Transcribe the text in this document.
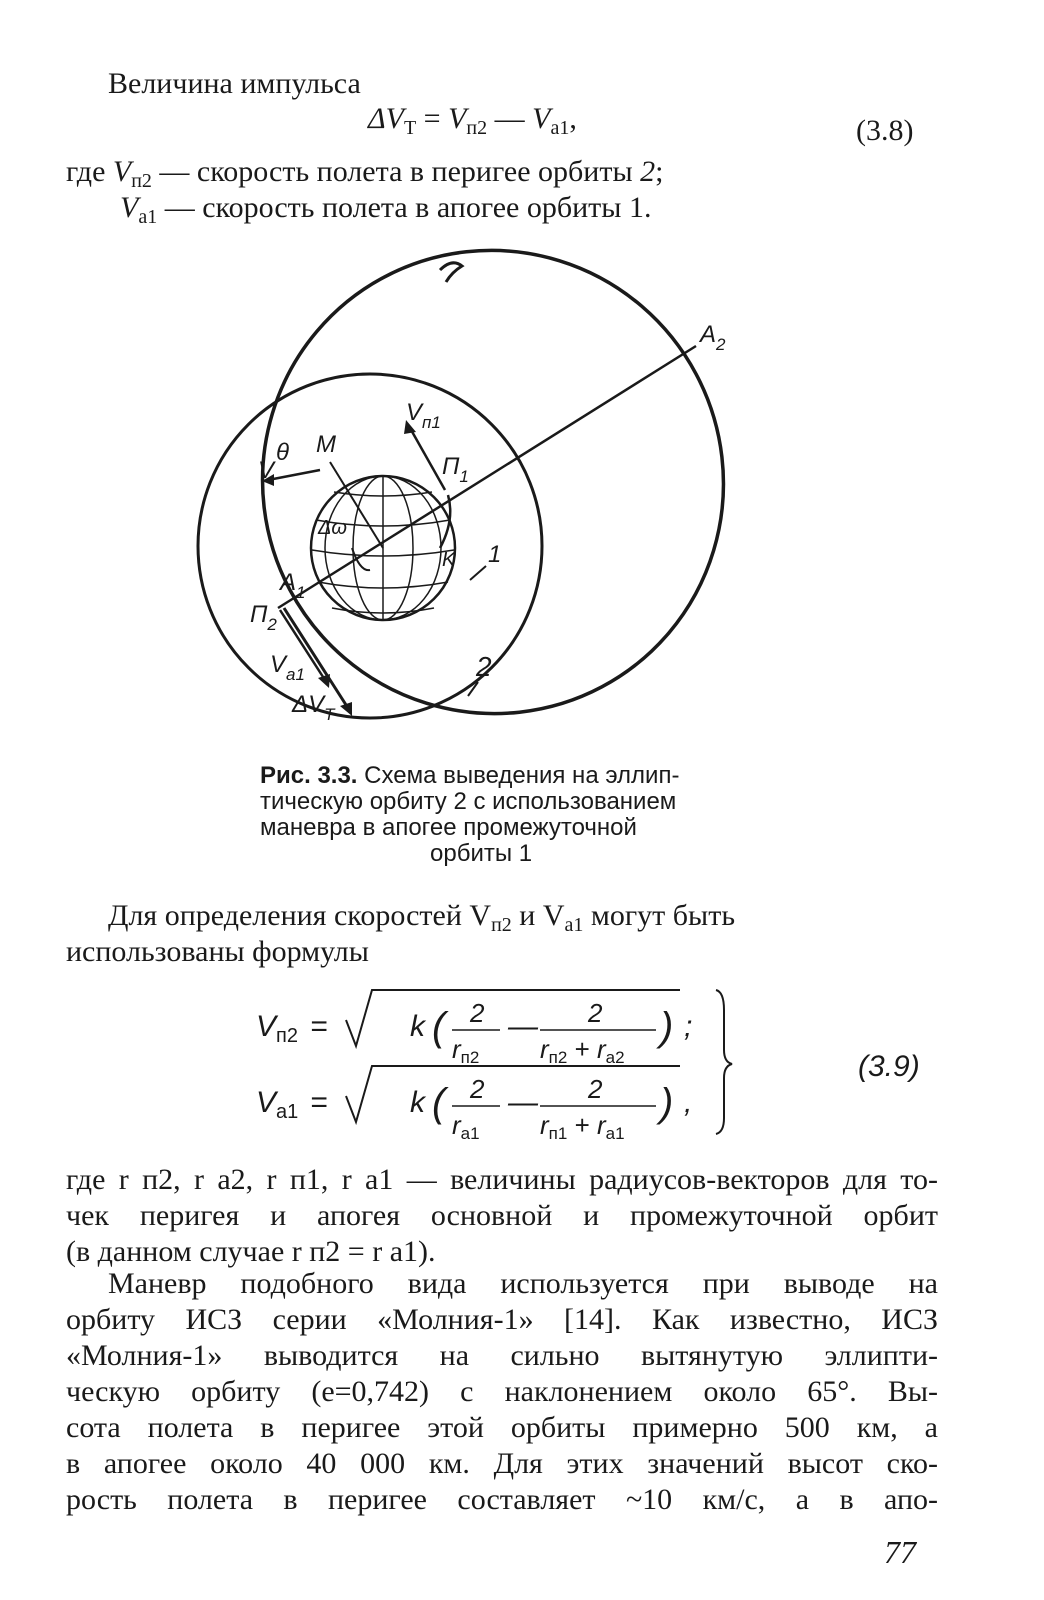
Величина импульса
$\Delta V_T = V_{п2}$ — $V_{a1}$,	(3.8)
где $V_{п2}$ — скорость полета в перигее орбиты 2;
$V_{a1}$ — скорость полета в апогее орбиты 1.
$A_2$
$V_{п1}$
V
θ M
$П_1$
Δω
K 1
$A_1$
$П_2$
$V_{a1}$	2
$\Delta V_T$
Рис. 3.3. Схема выведения на эллип-
тическую орбиту 2 с использованием
маневра в апогее промежуточной
орбиты 1
Для определения скоростей $V_{п2}$ и $V_{a1}$ могут быть
использованы формулы
$V_{п2}$ =	k ( 2
rп2
— 2
rп2 + ra2
) ;
$V_{a1}$ =	k ( 2
ra1
— 2
rп1 + ra1
) ,
(3.9)
где r п2, r a2, r п1, r a1 — величины радиусов-векторов для то-
чек перигея и апогея основной и промежуточной орбит
(в данном случае r п2 = r a1).
Маневр подобного вида используется при выводе на
орбиту ИСЗ серии «Молния-1» [14]. Как известно, ИСЗ
«Молния-1» выводится на сильно вытянутую эллипти-
ческую орбиту (e=0,742) с наклонением около 65°. Вы-
сота полета в перигее этой орбиты примерно 500 км, а
в апогее около 40 000 км. Для этих значений высот ско-
рость полета в перигее составляет ~10 км/с, а в апо-
77
